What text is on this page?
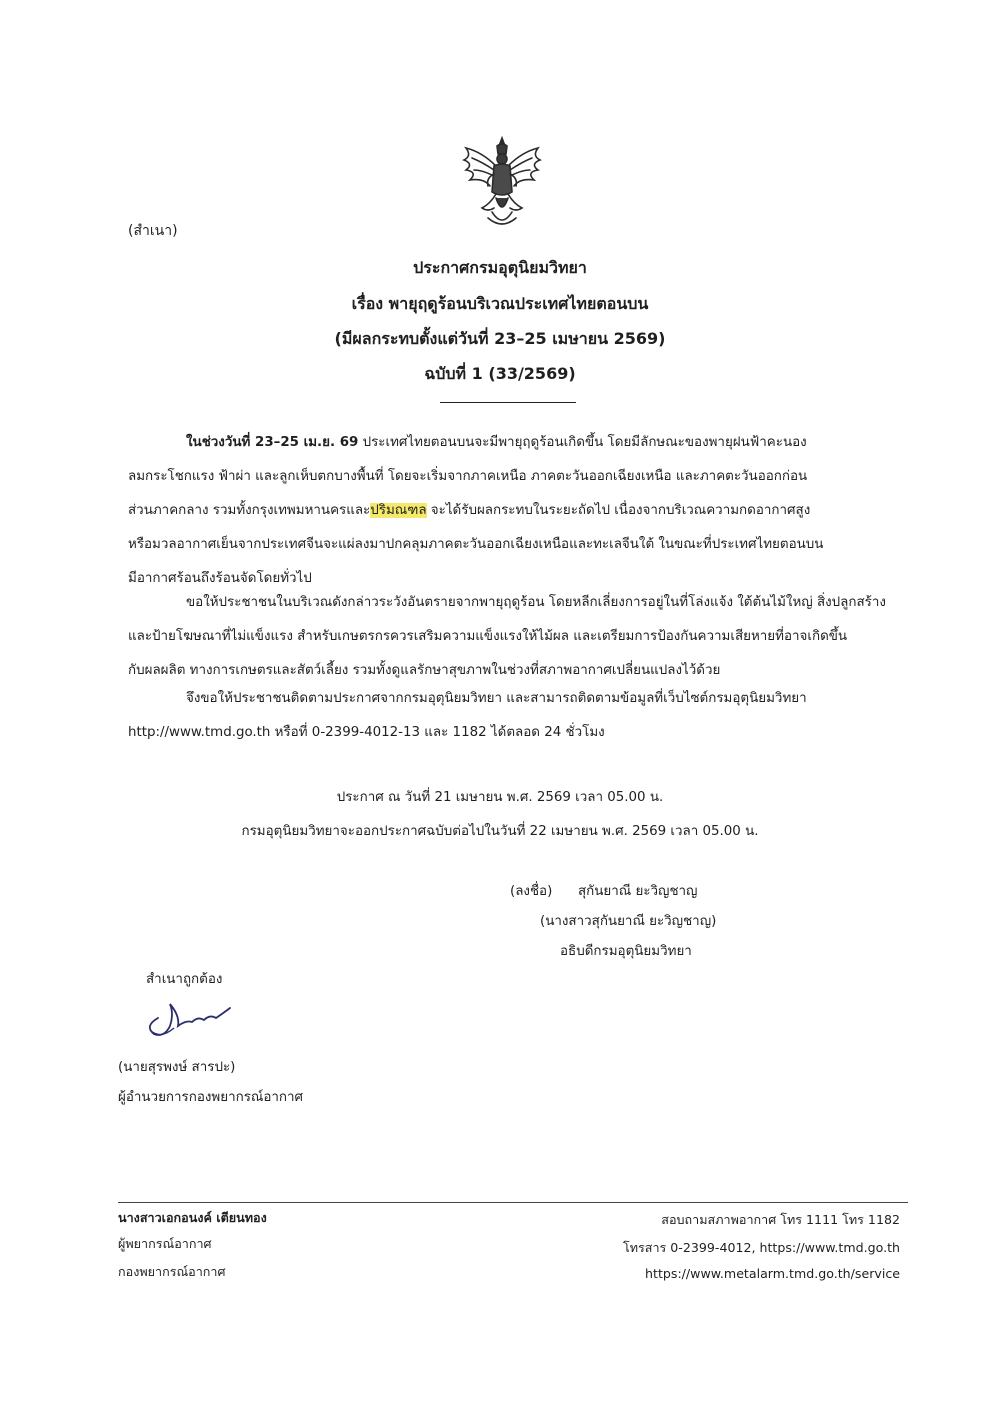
(สำเนา)
ประกาศกรมอุตุนิยมวิทยา
เรื่อง พายุฤดูร้อนบริเวณประเทศไทยตอนบน
(มีผลกระทบตั้งแต่วันที่ 23–25 เมษายน 2569)
ฉบับที่ 1 (33/2569)
ในช่วงวันที่ 23–25 เม.ย. 69 ประเทศไทยตอนบนจะมีพายุฤดูร้อนเกิดขึ้น โดยมีลักษณะของพายุฝนฟ้าคะนอง
ลมกระโชกแรง ฟ้าผ่า และลูกเห็บตกบางพื้นที่ โดยจะเริ่มจากภาคเหนือ ภาคตะวันออกเฉียงเหนือ และภาคตะวันออกก่อน
ส่วนภาคกลาง รวมทั้งกรุงเทพมหานครและปริมณฑล จะได้รับผลกระทบในระยะถัดไป เนื่องจากบริเวณความกดอากาศสูง
หรือมวลอากาศเย็นจากประเทศจีนจะแผ่ลงมาปกคลุมภาคตะวันออกเฉียงเหนือและทะเลจีนใต้ ในขณะที่ประเทศไทยตอนบน
มีอากาศร้อนถึงร้อนจัดโดยทั่วไป
ขอให้ประชาชนในบริเวณดังกล่าวระวังอันตรายจากพายุฤดูร้อน โดยหลีกเลี่ยงการอยู่ในที่โล่งแจ้ง ใต้ต้นไม้ใหญ่ สิ่งปลูกสร้าง
และป้ายโฆษณาที่ไม่แข็งแรง สำหรับเกษตรกรควรเสริมความแข็งแรงให้ไม้ผล และเตรียมการป้องกันความเสียหายที่อาจเกิดขึ้น
กับผลผลิต ทางการเกษตรและสัตว์เลี้ยง รวมทั้งดูแลรักษาสุขภาพในช่วงที่สภาพอากาศเปลี่ยนแปลงไว้ด้วย
จึงขอให้ประชาชนติดตามประกาศจากกรมอุตุนิยมวิทยา และสามารถติดตามข้อมูลที่เว็บไซต์กรมอุตุนิยมวิทยา
http://www.tmd.go.th หรือที่ 0-2399-4012-13 และ 1182 ได้ตลอด 24 ชั่วโมง
ประกาศ ณ วันที่ 21 เมษายน พ.ศ. 2569 เวลา 05.00 น.
กรมอุตุนิยมวิทยาจะออกประกาศฉบับต่อไปในวันที่ 22 เมษายน พ.ศ. 2569 เวลา 05.00 น.
(ลงชื่อ) สุกันยาณี ยะวิญชาญ
(นางสาวสุกันยาณี ยะวิญชาญ)
อธิบดีกรมอุตุนิยมวิทยา
สำเนาถูกต้อง
(นายสุรพงษ์ สารปะ)
ผู้อำนวยการกองพยากรณ์อากาศ
นางสาวเอกอนงค์ เตียนทอง
ผู้พยากรณ์อากาศ
กองพยากรณ์อากาศ
สอบถามสภาพอากาศ โทร 1111 โทร 1182
โทรสาร 0-2399-4012, https://www.tmd.go.th
https://www.metalarm.tmd.go.th/service
